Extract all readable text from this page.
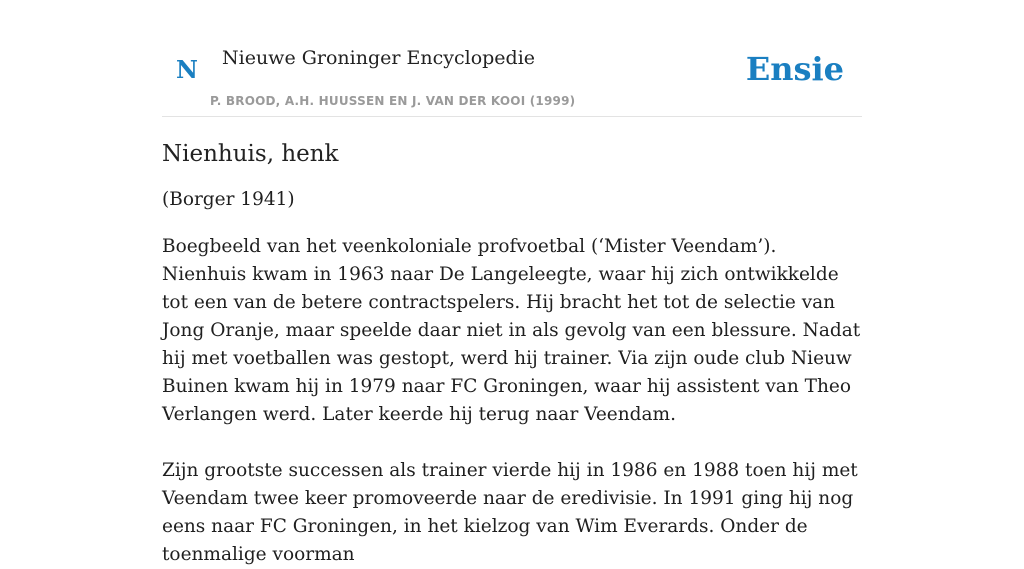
N Nieuwe Groninger Encyclopedie
P. BROOD, A.H. HUUSSEN EN J. VAN DER KOOI (1999)
Ensie
Nienhuis, henk

(Borger 1941)

Boegbeeld van het veenkoloniale profvoetbal (‘Mister Veendam’). Nienhuis kwam in 1963 naar De Langeleegte, waar hij zich ontwikkelde tot een van de betere contractspelers. Hij bracht het tot de selectie van Jong Oranje, maar speelde daar niet in als gevolg van een blessure. Nadat hij met voetballen was gestopt, werd hij trainer. Via zijn oude club Nieuw Buinen kwam hij in 1979 naar FC Groningen, waar hij assistent van Theo Verlangen werd. Later keerde hij terug naar Veendam.

Zijn grootste successen als trainer vierde hij in 1986 en 1988 toen hij met Veendam twee keer promoveerde naar de eredivisie. In 1991 ging hij nog eens naar FC Groningen, in het kielzog van Wim Everards. Onder de toenmalige voorman
